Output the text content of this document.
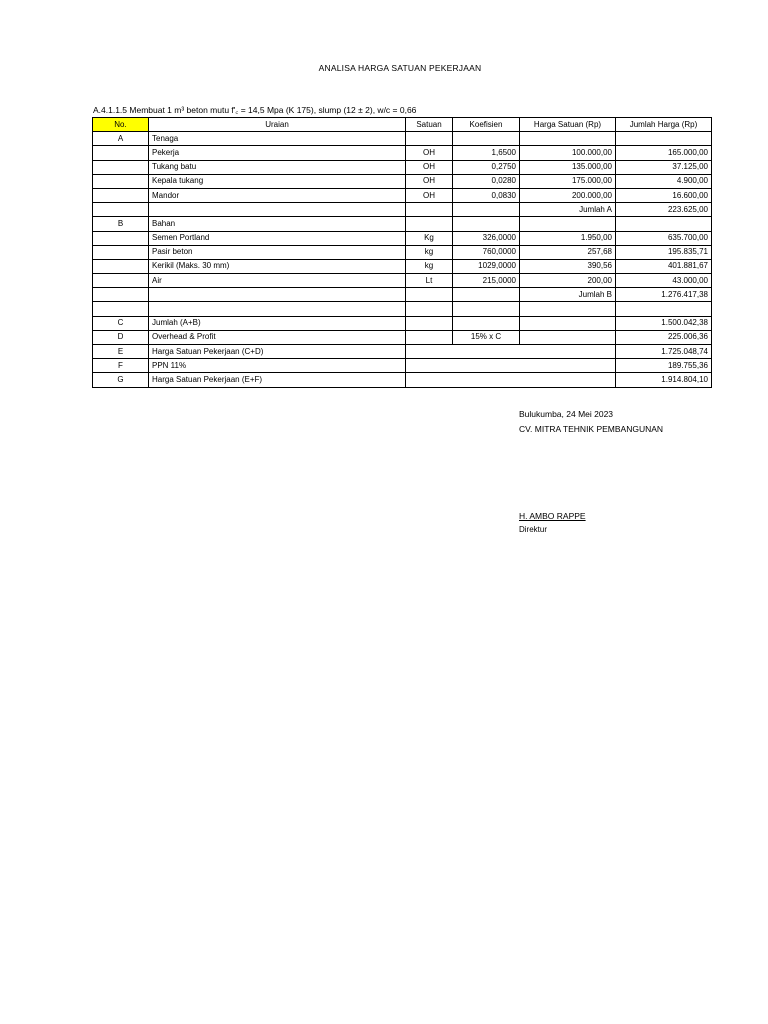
ANALISA HARGA SATUAN PEKERJAAN
A.4.1.1.5 Membuat 1 m³ beton mutu f'꜀ = 14,5 Mpa (K 175), slump (12 ± 2), w/c = 0,66
No.	Uraian	Satuan	Koefisien	Harga Satuan (Rp)	Jumlah Harga (Rp)
A	Tenaga				
	Pekerja	OH	1,6500	100.000,00	165.000,00
	Tukang batu	OH	0,2750	135.000,00	37.125,00
	Kepala tukang	OH	0,0280	175.000,00	4.900,00
	Mandor	OH	0,0830	200.000,00	16.600,00
				Jumlah A	223.625,00
B	Bahan				
	Semen Portland	Kg	326,0000	1.950,00	635.700,00
	Pasir beton	kg	760,0000	257,68	195.835,71
	Kerikil (Maks. 30 mm)	kg	1029,0000	390,56	401.881,67
	Air	Lt	215,0000	200,00	43.000,00
				Jumlah B	1.276.417,38

C	Jumlah (A+B)				1.500.042,38
D	Overhead & Profit		15% x C		225.006,36
E	Harga Satuan Pekerjaan (C+D)				1.725.048,74
F	PPN 11%				189.755,36
G	Harga Satuan Pekerjaan (E+F)				1.914.804,10
Bulukumba, 24 Mei 2023
CV. MITRA TEHNIK PEMBANGUNAN
H. AMBO RAPPE
Direktur
